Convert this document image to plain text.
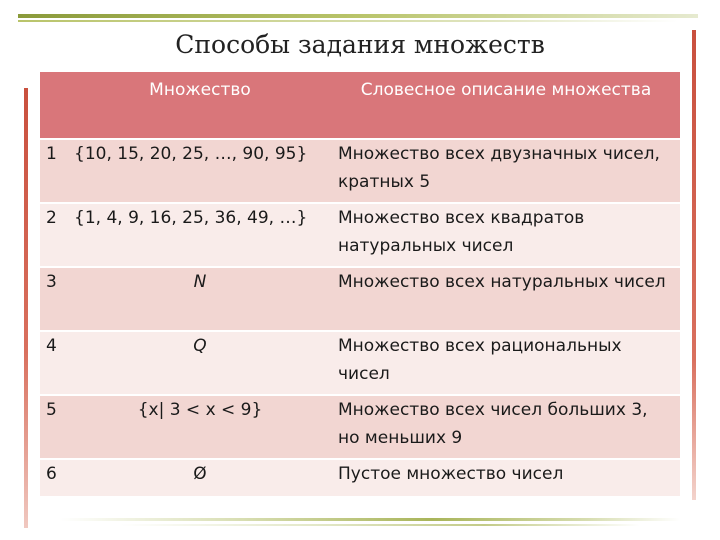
Способы задания множеств

	Множество	Словесное описание множества

1	{10, 15, 20, 25, …, 90, 95}	Множество всех двузначных чисел, кратных 5
2	{1, 4, 9, 16, 25, 36, 49, …}	Множество всех квадратов натуральных чисел
3	N	Множество всех натуральных чисел
4	Q	Множество всех рациональных чисел
5	{x| 3 < x < 9}	Множество всех чисел больших 3, но меньших 9
6	Ø	Пустое множество чисел
